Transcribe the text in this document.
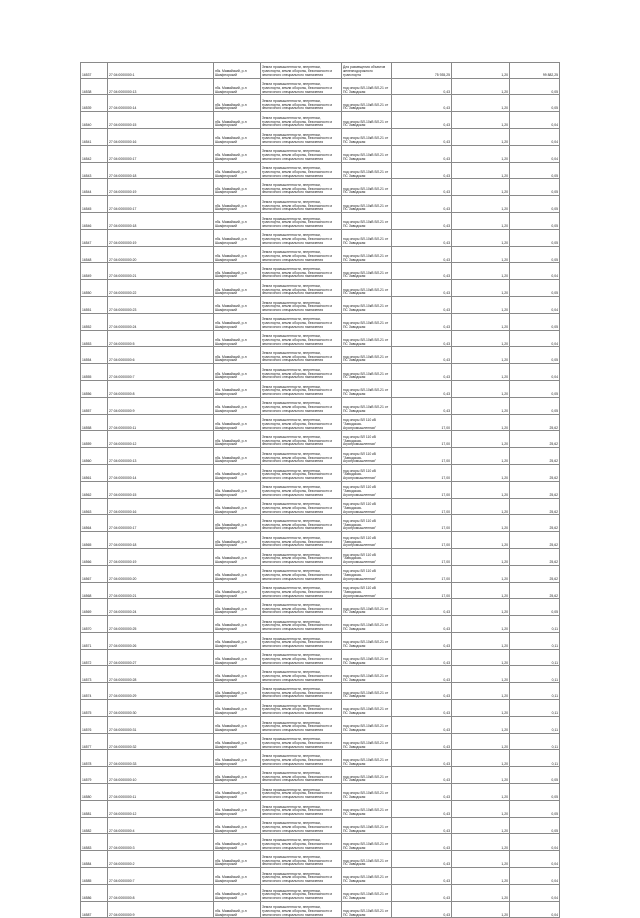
16537	27:04:0000000:1	хбк. Мамайский, р-н Шкафнорский	Земли промышленности, энергетики, транспорта, земли обороны, безопасности и земли иного специального назначения	Для размещения объектов железнодорожного транспорта	75 935,25	1,20	99 882,25
16538	27:04:0000000:13	хбк. Мамайский, р-н Шкафнорский	Земли промышленности, энергетики, транспорта, земли обороны, безопасности и земли иного специального назначения	под опоры ВЛ-10кВ ВЛ-21 от ПС Заводская	0,43	1,20	0,05
16539	27:04:0000000:14	хбк. Мамайский, р-н Шкафнорский	Земли промышленности, энергетики, транспорта, земли обороны, безопасности и земли иного специального назначения	под опоры ВЛ-10кВ ВЛ-21 от ПС Заводская	0,43	1,20	0,05
16540	27:04:0000000:15	хбк. Мамайский, р-н Шкафнорский	Земли промышленности, энергетики, транспорта, земли обороны, безопасности и земли иного специального назначения	под опоры ВЛ-10кВ ВЛ-21 от ПС Заводская	0,43	1,20	0,04
16541	27:04:0000000:16	хбк. Мамайский, р-н Шкафнорский	Земли промышленности, энергетики, транспорта, земли обороны, безопасности и земли иного специального назначения	под опоры ВЛ-10кВ ВЛ-21 от ПС Заводская	0,43	1,20	0,04
16542	27:04:0000000:17	хбк. Мамайский, р-н Шкафнорский	Земли промышленности, энергетики, транспорта, земли обороны, безопасности и земли иного специального назначения	под опоры ВЛ-10кВ ВЛ-21 от ПС Заводская	0,43	1,20	0,04
16543	27:04:0000000:18	хбк. Мамайский, р-н Шкафнорский	Земли промышленности, энергетики, транспорта, земли обороны, безопасности и земли иного специального назначения	под опоры ВЛ-10кВ ВЛ-21 от ПС Заводская	0,43	1,20	0,05
16544	27:04:0000000:19	хбк. Мамайский, р-н Шкафнорский	Земли промышленности, энергетики, транспорта, земли обороны, безопасности и земли иного специального назначения	под опоры ВЛ-10кВ ВЛ-21 от ПС Заводская	0,43	1,20	0,05
16545	27:04:0000000:17	хбк. Мамайский, р-н Шкафнорский	Земли промышленности, энергетики, транспорта, земли обороны, безопасности и земли иного специального назначения	под опоры ВЛ-10кВ ВЛ-21 от ПС Заводская	0,43	1,20	0,05
16546	27:04:0000000:18	хбк. Мамайский, р-н Шкафнорский	Земли промышленности, энергетики, транспорта, земли обороны, безопасности и земли иного специального назначения	под опоры ВЛ-10кВ ВЛ-21 от ПС Заводская	0,43	1,20	0,05
16547	27:04:0000000:19	хбк. Мамайский, р-н Шкафнорский	Земли промышленности, энергетики, транспорта, земли обороны, безопасности и земли иного специального назначения	под опоры ВЛ-10кВ ВЛ-21 от ПС Заводская	0,43	1,20	0,05
16548	27:04:0000000:20	хбк. Мамайский, р-н Шкафнорский	Земли промышленности, энергетики, транспорта, земли обороны, безопасности и земли иного специального назначения	под опоры ВЛ-10кВ ВЛ-21 от ПС Заводская	0,43	1,20	0,05
16549	27:04:0000000:21	хбк. Мамайский, р-н Шкафнорский	Земли промышленности, энергетики, транспорта, земли обороны, безопасности и земли иного специального назначения	под опоры ВЛ-10кВ ВЛ-21 от ПС Заводская	0,43	1,20	0,04
16550	27:04:0000000:22	хбк. Мамайский, р-н Шкафнорский	Земли промышленности, энергетики, транспорта, земли обороны, безопасности и земли иного специального назначения	под опоры ВЛ-10кВ ВЛ-21 от ПС Заводская	0,43	1,20	0,05
16551	27:04:0000000:23	хбк. Мамайский, р-н Шкафнорский	Земли промышленности, энергетики, транспорта, земли обороны, безопасности и земли иного специального назначения	под опоры ВЛ-10кВ ВЛ-21 от ПС Заводская	0,43	1,20	0,04
16552	27:04:0000000:24	хбк. Мамайский, р-н Шкафнорский	Земли промышленности, энергетики, транспорта, земли обороны, безопасности и земли иного специального назначения	под опоры ВЛ-10кВ ВЛ-21 от ПС Заводская	0,43	1,20	0,05
16553	27:04:0000000:5	хбк. Мамайский, р-н Шкафнорский	Земли промышленности, энергетики, транспорта, земли обороны, безопасности и земли иного специального назначения	под опоры ВЛ-10кВ ВЛ-21 от ПС Заводская	0,43	1,20	0,04
16554	27:04:0000000:6	хбк. Мамайский, р-н Шкафнорский	Земли промышленности, энергетики, транспорта, земли обороны, безопасности и земли иного специального назначения	под опоры ВЛ-10кВ ВЛ-21 от ПС Заводская	0,43	1,20	0,05
16555	27:04:0000000:7	хбк. Мамайский, р-н Шкафнорский	Земли промышленности, энергетики, транспорта, земли обороны, безопасности и земли иного специального назначения	под опоры ВЛ-10кВ ВЛ-21 от ПС Заводская	0,43	1,20	0,04
16556	27:04:0000000:8	хбк. Мамайский, р-н Шкафнорский	Земли промышленности, энергетики, транспорта, земли обороны, безопасности и земли иного специального назначения	под опоры ВЛ-10кВ ВЛ-21 от ПС Заводская	0,43	1,20	0,05
16557	27:04:0000000:9	хбк. Мамайский, р-н Шкафнорский	Земли промышленности, энергетики, транспорта, земли обороны, безопасности и земли иного специального назначения	под опоры ВЛ-10кВ ВЛ-21 от ПС Заводская	0,43	1,20	0,05
16558	27:04:0000000:11	хбк. Мамайский, р-н Шкафнорский	Земли промышленности, энергетики, транспорта, земли обороны, безопасности и земли иного специального назначения	под опоры ВЛ 110 кВ "Заводская-Агропромышленная"	17,00	1,20	25,62
16559	27:04:0000000:12	хбк. Мамайский, р-н Шкафнорский	Земли промышленности, энергетики, транспорта, земли обороны, безопасности и земли иного специального назначения	под опоры ВЛ 110 кВ "Заводская-Агропромышленная"	17,00	1,20	25,62
16560	27:04:0000000:13	хбк. Мамайский, р-н Шкафнорский	Земли промышленности, энергетики, транспорта, земли обороны, безопасности и земли иного специального назначения	под опоры ВЛ 110 кВ "Заводская-Агропромышленная"	17,00	1,20	25,62
16561	27:04:0000000:14	хбк. Мамайский, р-н Шкафнорский	Земли промышленности, энергетики, транспорта, земли обороны, безопасности и земли иного специального назначения	под опоры ВЛ 110 кВ "Заводская-Агропромышленная"	17,00	1,20	25,62
16562	27:04:0000000:15	хбк. Мамайский, р-н Шкафнорский	Земли промышленности, энергетики, транспорта, земли обороны, безопасности и земли иного специального назначения	под опоры ВЛ 110 кВ "Заводская-Агропромышленная"	17,00	1,20	25,62
16563	27:04:0000000:16	хбк. Мамайский, р-н Шкафнорский	Земли промышленности, энергетики, транспорта, земли обороны, безопасности и земли иного специального назначения	под опоры ВЛ 110 кВ "Заводская-Агропромышленная"	17,00	1,20	25,62
16564	27:04:0000000:17	хбк. Мамайский, р-н Шкафнорский	Земли промышленности, энергетики, транспорта, земли обороны, безопасности и земли иного специального назначения	под опоры ВЛ 110 кВ "Заводская-Агропромышленная"	17,00	1,20	25,62
16565	27:04:0000000:18	хбк. Мамайский, р-н Шкафнорский	Земли промышленности, энергетики, транспорта, земли обороны, безопасности и земли иного специального назначения	под опоры ВЛ 110 кВ "Заводская-Агропромышленная"	17,00	1,20	25,62
16566	27:04:0000000:19	хбк. Мамайский, р-н Шкафнорский	Земли промышленности, энергетики, транспорта, земли обороны, безопасности и земли иного специального назначения	под опоры ВЛ 110 кВ "Заводская-Агропромышленная"	17,00	1,20	25,62
16567	27:04:0000000:20	хбк. Мамайский, р-н Шкафнорский	Земли промышленности, энергетики, транспорта, земли обороны, безопасности и земли иного специального назначения	под опоры ВЛ 110 кВ "Заводская-Агропромышленная"	17,00	1,20	25,62
16568	27:04:0000000:21	хбк. Мамайский, р-н Шкафнорский	Земли промышленности, энергетики, транспорта, земли обороны, безопасности и земли иного специального назначения	под опоры ВЛ 110 кВ "Заводская-Агропромышленная"	17,00	1,20	25,62
16569	27:04:0000000:24	хбк. Мамайский, р-н Шкафнорский	Земли промышленности, энергетики, транспорта, земли обороны, безопасности и земли иного специального назначения	под опоры ВЛ-10кВ ВЛ-21 от ПС Заводская	0,43	1,20	0,05
16570	27:04:0000000:25	хбк. Мамайский, р-н Шкафнорский	Земли промышленности, энергетики, транспорта, земли обороны, безопасности и земли иного специального назначения	под опоры ВЛ-10кВ ВЛ-21 от ПС Заводская	0,43	1,20	0,11
16571	27:04:0000000:26	хбк. Мамайский, р-н Шкафнорский	Земли промышленности, энергетики, транспорта, земли обороны, безопасности и земли иного специального назначения	под опоры ВЛ-10кВ ВЛ-21 от ПС Заводская	0,43	1,20	0,11
16572	27:04:0000000:27	хбк. Мамайский, р-н Шкафнорский	Земли промышленности, энергетики, транспорта, земли обороны, безопасности и земли иного специального назначения	под опоры ВЛ-10кВ ВЛ-21 от ПС Заводская	0,43	1,20	0,11
16573	27:04:0000000:28	хбк. Мамайский, р-н Шкафнорский	Земли промышленности, энергетики, транспорта, земли обороны, безопасности и земли иного специального назначения	под опоры ВЛ-10кВ ВЛ-21 от ПС Заводская	0,43	1,20	0,11
16574	27:04:0000000:29	хбк. Мамайский, р-н Шкафнорский	Земли промышленности, энергетики, транспорта, земли обороны, безопасности и земли иного специального назначения	под опоры ВЛ-10кВ ВЛ-21 от ПС Заводская	0,43	1,20	0,11
16575	27:04:0000000:30	хбк. Мамайский, р-н Шкафнорский	Земли промышленности, энергетики, транспорта, земли обороны, безопасности и земли иного специального назначения	под опоры ВЛ-10кВ ВЛ-21 от ПС Заводская	0,43	1,20	0,11
16576	27:04:0000000:31	хбк. Мамайский, р-н Шкафнорский	Земли промышленности, энергетики, транспорта, земли обороны, безопасности и земли иного специального назначения	под опоры ВЛ-10кВ ВЛ-21 от ПС Заводская	0,43	1,20	0,11
16577	27:04:0000000:32	хбк. Мамайский, р-н Шкафнорский	Земли промышленности, энергетики, транспорта, земли обороны, безопасности и земли иного специального назначения	под опоры ВЛ-10кВ ВЛ-21 от ПС Заводская	0,43	1,20	0,11
16578	27:04:0000000:33	хбк. Мамайский, р-н Шкафнорский	Земли промышленности, энергетики, транспорта, земли обороны, безопасности и земли иного специального назначения	под опоры ВЛ-10кВ ВЛ-21 от ПС Заводская	0,43	1,20	0,11
16579	27:04:0000000:10	хбк. Мамайский, р-н Шкафнорский	Земли промышленности, энергетики, транспорта, земли обороны, безопасности и земли иного специального назначения	под опоры ВЛ-10кВ ВЛ-21 от ПС Заводская	0,43	1,20	0,05
16580	27:04:0000000:11	хбк. Мамайский, р-н Шкафнорский	Земли промышленности, энергетики, транспорта, земли обороны, безопасности и земли иного специального назначения	под опоры ВЛ-10кВ ВЛ-21 от ПС Заводская	0,43	1,20	0,05
16581	27:04:0000000:12	хбк. Мамайский, р-н Шкафнорский	Земли промышленности, энергетики, транспорта, земли обороны, безопасности и земли иного специального назначения	под опоры ВЛ-10кВ ВЛ-21 от ПС Заводская	0,43	1,20	0,05
16582	27:04:0000000:4	хбк. Мамайский, р-н Шкафнорский	Земли промышленности, энергетики, транспорта, земли обороны, безопасности и земли иного специального назначения	под опоры ВЛ-10кВ ВЛ-21 от ПС Заводская	0,43	1,20	0,05
16583	27:04:0000000:3	хбк. Мамайский, р-н Шкафнорский	Земли промышленности, энергетики, транспорта, земли обороны, безопасности и земли иного специального назначения	под опоры ВЛ-10кВ ВЛ-21 от ПС Заводская	0,43	1,20	0,04
16584	27:04:0000000:2	хбк. Мамайский, р-н Шкафнорский	Земли промышленности, энергетики, транспорта, земли обороны, безопасности и земли иного специального назначения	под опоры ВЛ-10кВ ВЛ-21 от ПС Заводская	0,43	1,20	0,04
16585	27:04:0000000:7	хбк. Мамайский, р-н Шкафнорский	Земли промышленности, энергетики, транспорта, земли обороны, безопасности и земли иного специального назначения	под опоры ВЛ-10кВ ВЛ-21 от ПС Заводская	0,43	1,20	0,04
16586	27:04:0000000:8	хбк. Мамайский, р-н Шкафнорский	Земли промышленности, энергетики, транспорта, земли обороны, безопасности и земли иного специального назначения	под опоры ВЛ-10кВ ВЛ-21 от ПС Заводская	0,43	1,20	0,04
16587	27:04:0000000:9	хбк. Мамайский, р-н Шкафнорский	Земли промышленности, энергетики, транспорта, земли обороны, безопасности и земли иного специального назначения	под опоры ВЛ-10кВ ВЛ-21 от ПС Заводская	0,43	1,20	0,04
